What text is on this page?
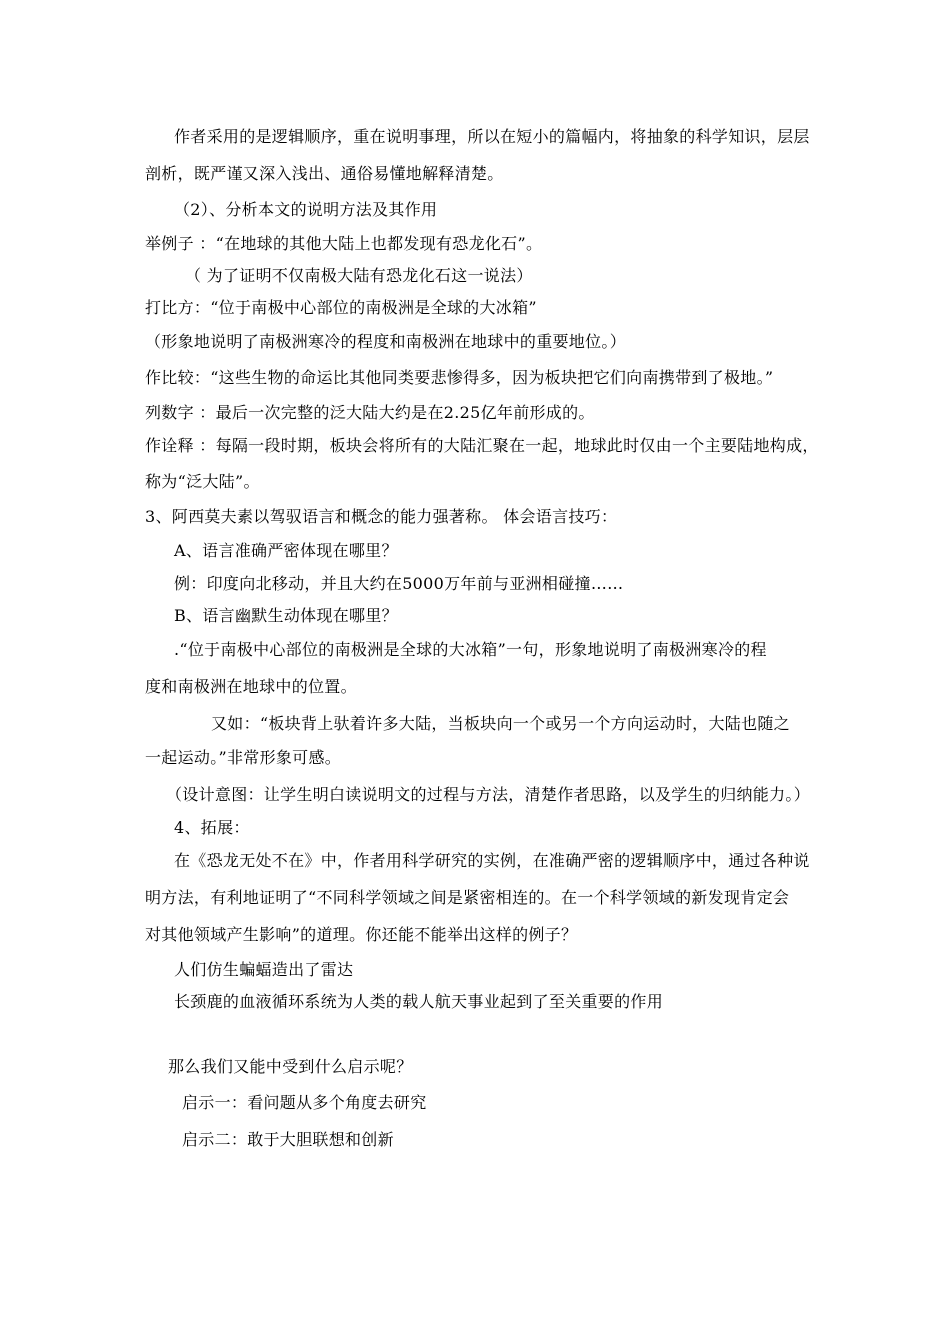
作者采用的是逻辑顺序，重在说明事理，所以在短小的篇幅内，将抽象的科学知识，层层
剖析，既严谨又深入浅出、通俗易懂地解释清楚。
（2）、分析本文的说明方法及其作用
举例子 ：“在地球的其他大陆上也都发现有恐龙化石”。
（ 为了证明不仅南极大陆有恐龙化石这一说法）
打比方：“位于南极中心部位的南极洲是全球的大冰箱”
（形象地说明了南极洲寒冷的程度和南极洲在地球中的重要地位。）
作比较：“这些生物的命运比其他同类要悲惨得多，因为板块把它们向南携带到了极地。”
列数字 ：最后一次完整的泛大陆大约是在2.25亿年前形成的。
作诠释 ：每隔一段时期，板块会将所有的大陆汇聚在一起，地球此时仅由一个主要陆地构成，
称为“泛大陆”。
3、阿西莫夫素以驾驭语言和概念的能力强著称。 体会语言技巧：
A、语言准确严密体现在哪里？
例：印度向北移动，并且大约在5000万年前与亚洲相碰撞……
B、语言幽默生动体现在哪里？
.“位于南极中心部位的南极洲是全球的大冰箱”一句，形象地说明了南极洲寒冷的程
度和南极洲在地球中的位置。
又如：“板块背上驮着许多大陆，当板块向一个或另一个方向运动时，大陆也随之
一起运动。”非常形象可感。
（设计意图：让学生明白读说明文的过程与方法，清楚作者思路，以及学生的归纳能力。）
4、拓展：
在《恐龙无处不在》中，作者用科学研究的实例，在准确严密的逻辑顺序中，通过各种说
明方法，有利地证明了“不同科学领域之间是紧密相连的。在一个科学领域的新发现肯定会
对其他领域产生影响”的道理。你还能不能举出这样的例子？
人们仿生蝙蝠造出了雷达
长颈鹿的血液循环系统为人类的载人航天事业起到了至关重要的作用
那么我们又能中受到什么启示呢？
启示一：看问题从多个角度去研究
启示二：敢于大胆联想和创新
